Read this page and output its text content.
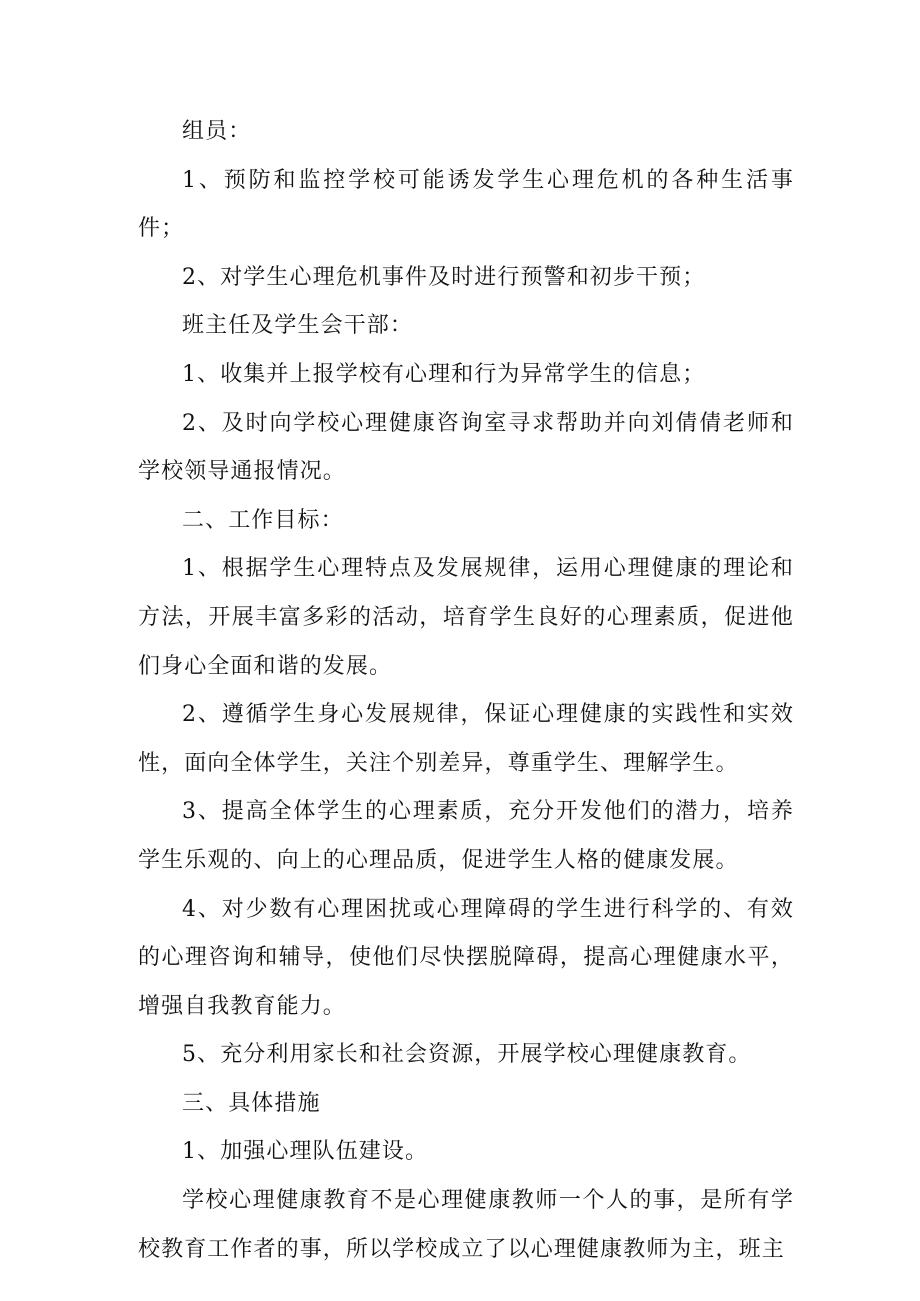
组员：

1、预防和监控学校可能诱发学生心理危机的各种生活事件；

2、对学生心理危机事件及时进行预警和初步干预；

班主任及学生会干部：

1、收集并上报学校有心理和行为异常学生的信息；

2、及时向学校心理健康咨询室寻求帮助并向刘倩倩老师和学校领导通报情况。

二、工作目标：

1、根据学生心理特点及发展规律，运用心理健康的理论和方法，开展丰富多彩的活动，培育学生良好的心理素质，促进他们身心全面和谐的发展。

2、遵循学生身心发展规律，保证心理健康的实践性和实效性，面向全体学生，关注个别差异，尊重学生、理解学生。

3、提高全体学生的心理素质，充分开发他们的潜力，培养学生乐观的、向上的心理品质，促进学生人格的健康发展。

4、对少数有心理困扰或心理障碍的学生进行科学的、有效的心理咨询和辅导，使他们尽快摆脱障碍，提高心理健康水平，增强自我教育能力。

5、充分利用家长和社会资源，开展学校心理健康教育。

三、具体措施

1、加强心理队伍建设。

学校心理健康教育不是心理健康教师一个人的事，是所有学校教育工作者的事，所以学校成立了以心理健康教师为主，班主
